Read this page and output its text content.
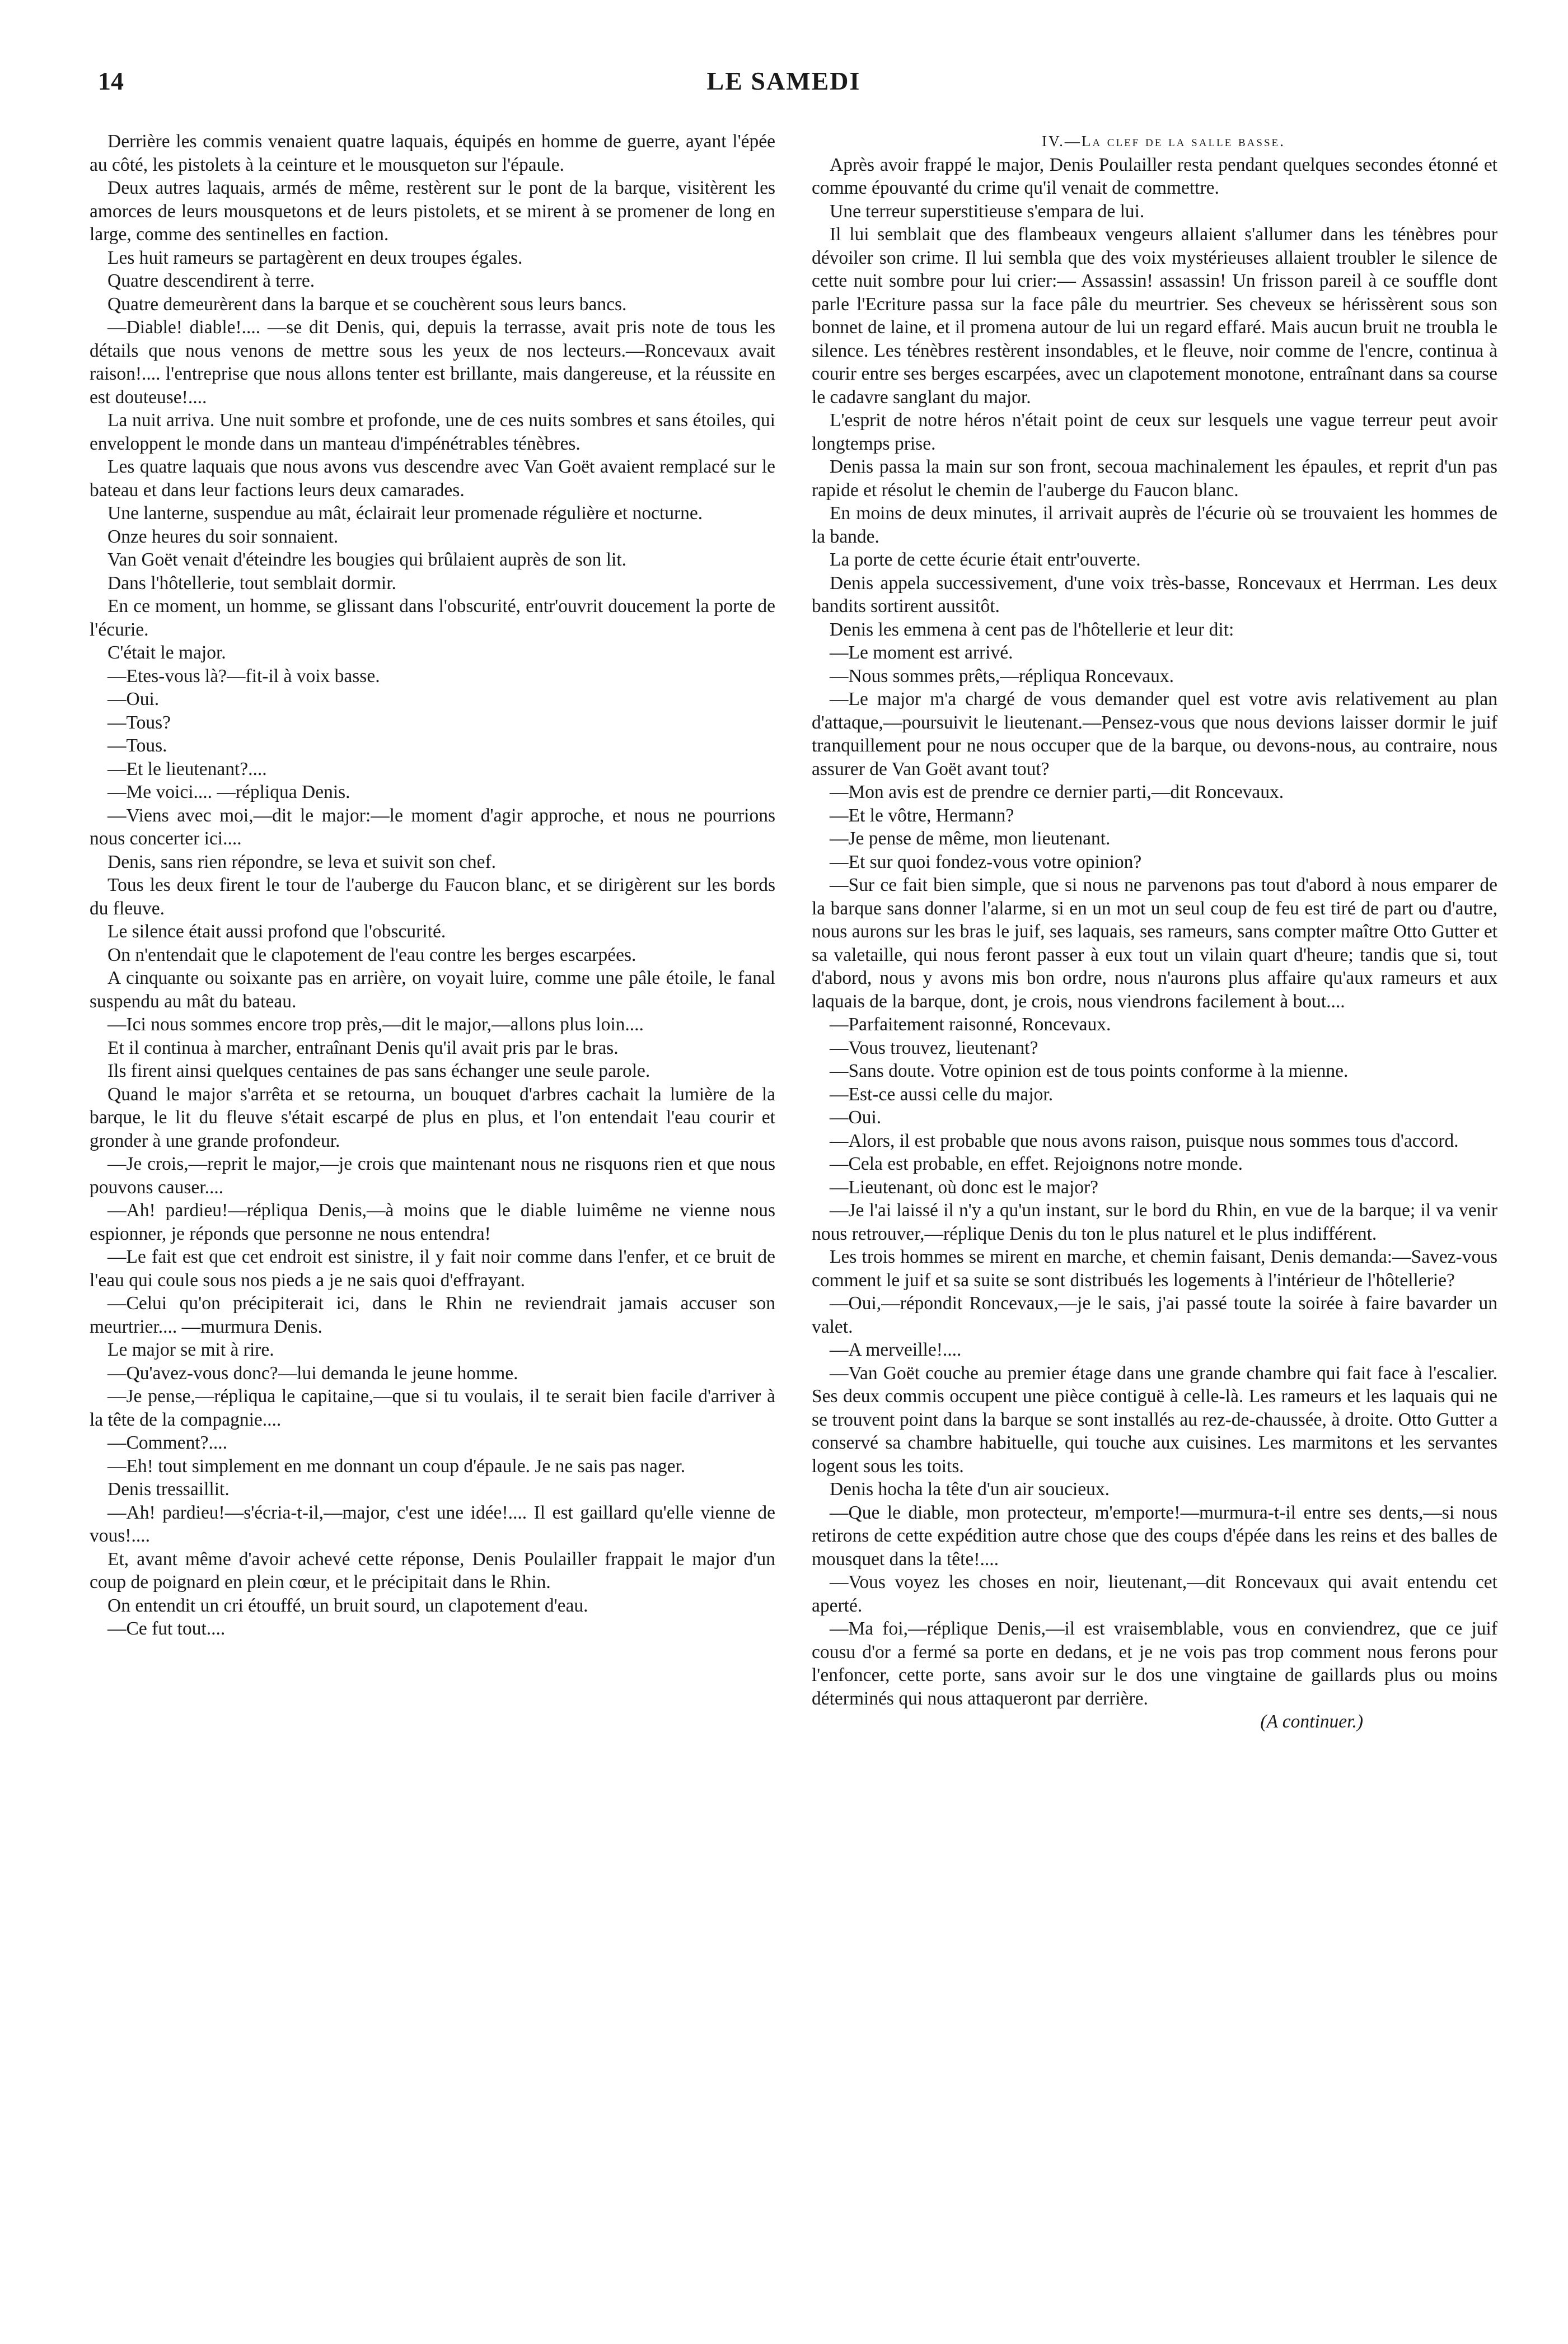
14	LE SAMEDI

Derrière les commis venaient quatre laquais, équipés en homme de guerre, ayant l'épée au côté, les pistolets à la ceinture et le mousqueton sur l'épaule.

Deux autres laquais, armés de même, restèrent sur le pont de la barque, visitèrent les amorces de leurs mousquetons et de leurs pistolets, et se mirent à se promener de long en large, comme des sentinelles en faction.

Les huit rameurs se partagèrent en deux troupes égales.

Quatre descendirent à terre.

Quatre demeurèrent dans la barque et se couchèrent sous leurs bancs.

—Diable! diable!.... —se dit Denis, qui, depuis la terrasse, avait pris note de tous les détails que nous venons de mettre sous les yeux de nos lecteurs.—Roncevaux avait raison!.... l'entreprise que nous allons tenter est brillante, mais dangereuse, et la réussite en est douteuse!....

La nuit arriva. Une nuit sombre et profonde, une de ces nuits sombres et sans étoiles, qui enveloppent le monde dans un manteau d'impénétrables ténèbres.

Les quatre laquais que nous avons vus descendre avec Van Goët avaient remplacé sur le bateau et dans leur factions leurs deux camarades.

Une lanterne, suspendue au mât, éclairait leur promenade régulière et nocturne.

Onze heures du soir sonnaient.

Van Goët venait d'éteindre les bougies qui brûlaient auprès de son lit.

Dans l'hôtellerie, tout semblait dormir.

En ce moment, un homme, se glissant dans l'obscurité, entr'ouvrit doucement la porte de l'écurie.

C'était le major.

—Etes-vous là?—fit-il à voix basse.

—Oui.

—Tous?

—Tous.

—Et le lieutenant?....

—Me voici.... —répliqua Denis.

—Viens avec moi,—dit le major:—le moment d'agir approche, et nous ne pourrions nous concerter ici....

Denis, sans rien répondre, se leva et suivit son chef.

Tous les deux firent le tour de l'auberge du Faucon blanc, et se dirigèrent sur les bords du fleuve.

Le silence était aussi profond que l'obscurité.

On n'entendait que le clapotement de l'eau contre les berges escarpées.

A cinquante ou soixante pas en arrière, on voyait luire, comme une pâle étoile, le fanal suspendu au mât du bateau.

—Ici nous sommes encore trop près,—dit le major,—allons plus loin....

Et il continua à marcher, entraînant Denis qu'il avait pris par le bras.

Ils firent ainsi quelques centaines de pas sans échanger une seule parole.

Quand le major s'arrêta et se retourna, un bouquet d'arbres cachait la lumière de la barque, le lit du fleuve s'était escarpé de plus en plus, et l'on entendait l'eau courir et gronder à une grande profondeur.

—Je crois,—reprit le major,—je crois que maintenant nous ne risquons rien et que nous pouvons causer....

—Ah! pardieu!—répliqua Denis,—à moins que le diable luimême ne vienne nous espionner, je réponds que personne ne nous entendra!

—Le fait est que cet endroit est sinistre, il y fait noir comme dans l'enfer, et ce bruit de l'eau qui coule sous nos pieds a je ne sais quoi d'effrayant.

—Celui qu'on précipiterait ici, dans le Rhin ne reviendrait jamais accuser son meurtrier.... —murmura Denis.

Le major se mit à rire.

—Qu'avez-vous donc?—lui demanda le jeune homme.

—Je pense,—répliqua le capitaine,—que si tu voulais, il te serait bien facile d'arriver à la tête de la compagnie....

—Comment?....

—Eh! tout simplement en me donnant un coup d'épaule. Je ne sais pas nager.

Denis tressaillit.

—Ah! pardieu!—s'écria-t-il,—major, c'est une idée!.... Il est gaillard qu'elle vienne de vous!....

Et, avant même d'avoir achevé cette réponse, Denis Poulailler frappait le major d'un coup de poignard en plein cœur, et le précipitait dans le Rhin.

On entendit un cri étouffé, un bruit sourd, un clapotement d'eau.

—Ce fut tout....

IV.—La clef de la salle basse.

Après avoir frappé le major, Denis Poulailler resta pendant quelques secondes étonné et comme épouvanté du crime qu'il venait de commettre.

Une terreur superstitieuse s'empara de lui.

Il lui semblait que des flambeaux vengeurs allaient s'allumer dans les ténèbres pour dévoiler son crime. Il lui sembla que des voix mystérieuses allaient troubler le silence de cette nuit sombre pour lui crier:— Assassin! assassin! Un frisson pareil à ce souffle dont parle l'Ecriture passa sur la face pâle du meurtrier. Ses cheveux se hérissèrent sous son bonnet de laine, et il promena autour de lui un regard effaré. Mais aucun bruit ne troubla le silence. Les ténèbres restèrent insondables, et le fleuve, noir comme de l'encre, continua à courir entre ses berges escarpées, avec un clapotement monotone, entraînant dans sa course le cadavre sanglant du major.

L'esprit de notre héros n'était point de ceux sur lesquels une vague terreur peut avoir longtemps prise.

Denis passa la main sur son front, secoua machinalement les épaules, et reprit d'un pas rapide et résolut le chemin de l'auberge du Faucon blanc.

En moins de deux minutes, il arrivait auprès de l'écurie où se trouvaient les hommes de la bande.

La porte de cette écurie était entr'ouverte.

Denis appela successivement, d'une voix très-basse, Roncevaux et Herrman. Les deux bandits sortirent aussitôt.

Denis les emmena à cent pas de l'hôtellerie et leur dit:

—Le moment est arrivé.

—Nous sommes prêts,—répliqua Roncevaux.

—Le major m'a chargé de vous demander quel est votre avis relativement au plan d'attaque,—poursuivit le lieutenant.—Pensez-vous que nous devions laisser dormir le juif tranquillement pour ne nous occuper que de la barque, ou devons-nous, au contraire, nous assurer de Van Goët avant tout?

—Mon avis est de prendre ce dernier parti,—dit Roncevaux.

—Et le vôtre, Hermann?

—Je pense de même, mon lieutenant.

—Et sur quoi fondez-vous votre opinion?

—Sur ce fait bien simple, que si nous ne parvenons pas tout d'abord à nous emparer de la barque sans donner l'alarme, si en un mot un seul coup de feu est tiré de part ou d'autre, nous aurons sur les bras le juif, ses laquais, ses rameurs, sans compter maître Otto Gutter et sa valetaille, qui nous feront passer à eux tout un vilain quart d'heure; tandis que si, tout d'abord, nous y avons mis bon ordre, nous n'aurons plus affaire qu'aux rameurs et aux laquais de la barque, dont, je crois, nous viendrons facilement à bout....

—Parfaitement raisonné, Roncevaux.

—Vous trouvez, lieutenant?

—Sans doute. Votre opinion est de tous points conforme à la mienne.

—Est-ce aussi celle du major.

—Oui.

—Alors, il est probable que nous avons raison, puisque nous sommes tous d'accord.

—Cela est probable, en effet. Rejoignons notre monde.

—Lieutenant, où donc est le major?

—Je l'ai laissé il n'y a qu'un instant, sur le bord du Rhin, en vue de la barque; il va venir nous retrouver,—réplique Denis du ton le plus naturel et le plus indifférent.

Les trois hommes se mirent en marche, et chemin faisant, Denis demanda:—Savez-vous comment le juif et sa suite se sont distribués les logements à l'intérieur de l'hôtellerie?

—Oui,—répondit Roncevaux,—je le sais, j'ai passé toute la soirée à faire bavarder un valet.

—A merveille!....

—Van Goët couche au premier étage dans une grande chambre qui fait face à l'escalier. Ses deux commis occupent une pièce contiguë à celle-là. Les rameurs et les laquais qui ne se trouvent point dans la barque se sont installés au rez-de-chaussée, à droite. Otto Gutter a conservé sa chambre habituelle, qui touche aux cuisines. Les marmitons et les servantes logent sous les toits.

Denis hocha la tête d'un air soucieux.

—Que le diable, mon protecteur, m'emporte!—murmura-t-il entre ses dents,—si nous retirons de cette expédition autre chose que des coups d'épée dans les reins et des balles de mousquet dans la tête!....

—Vous voyez les choses en noir, lieutenant,—dit Roncevaux qui avait entendu cet aperté.

—Ma foi,—réplique Denis,—il est vraisemblable, vous en conviendrez, que ce juif cousu d'or a fermé sa porte en dedans, et je ne vois pas trop comment nous ferons pour l'enfoncer, cette porte, sans avoir sur le dos une vingtaine de gaillards plus ou moins déterminés qui nous attaqueront par derrière.

(A continuer.)
